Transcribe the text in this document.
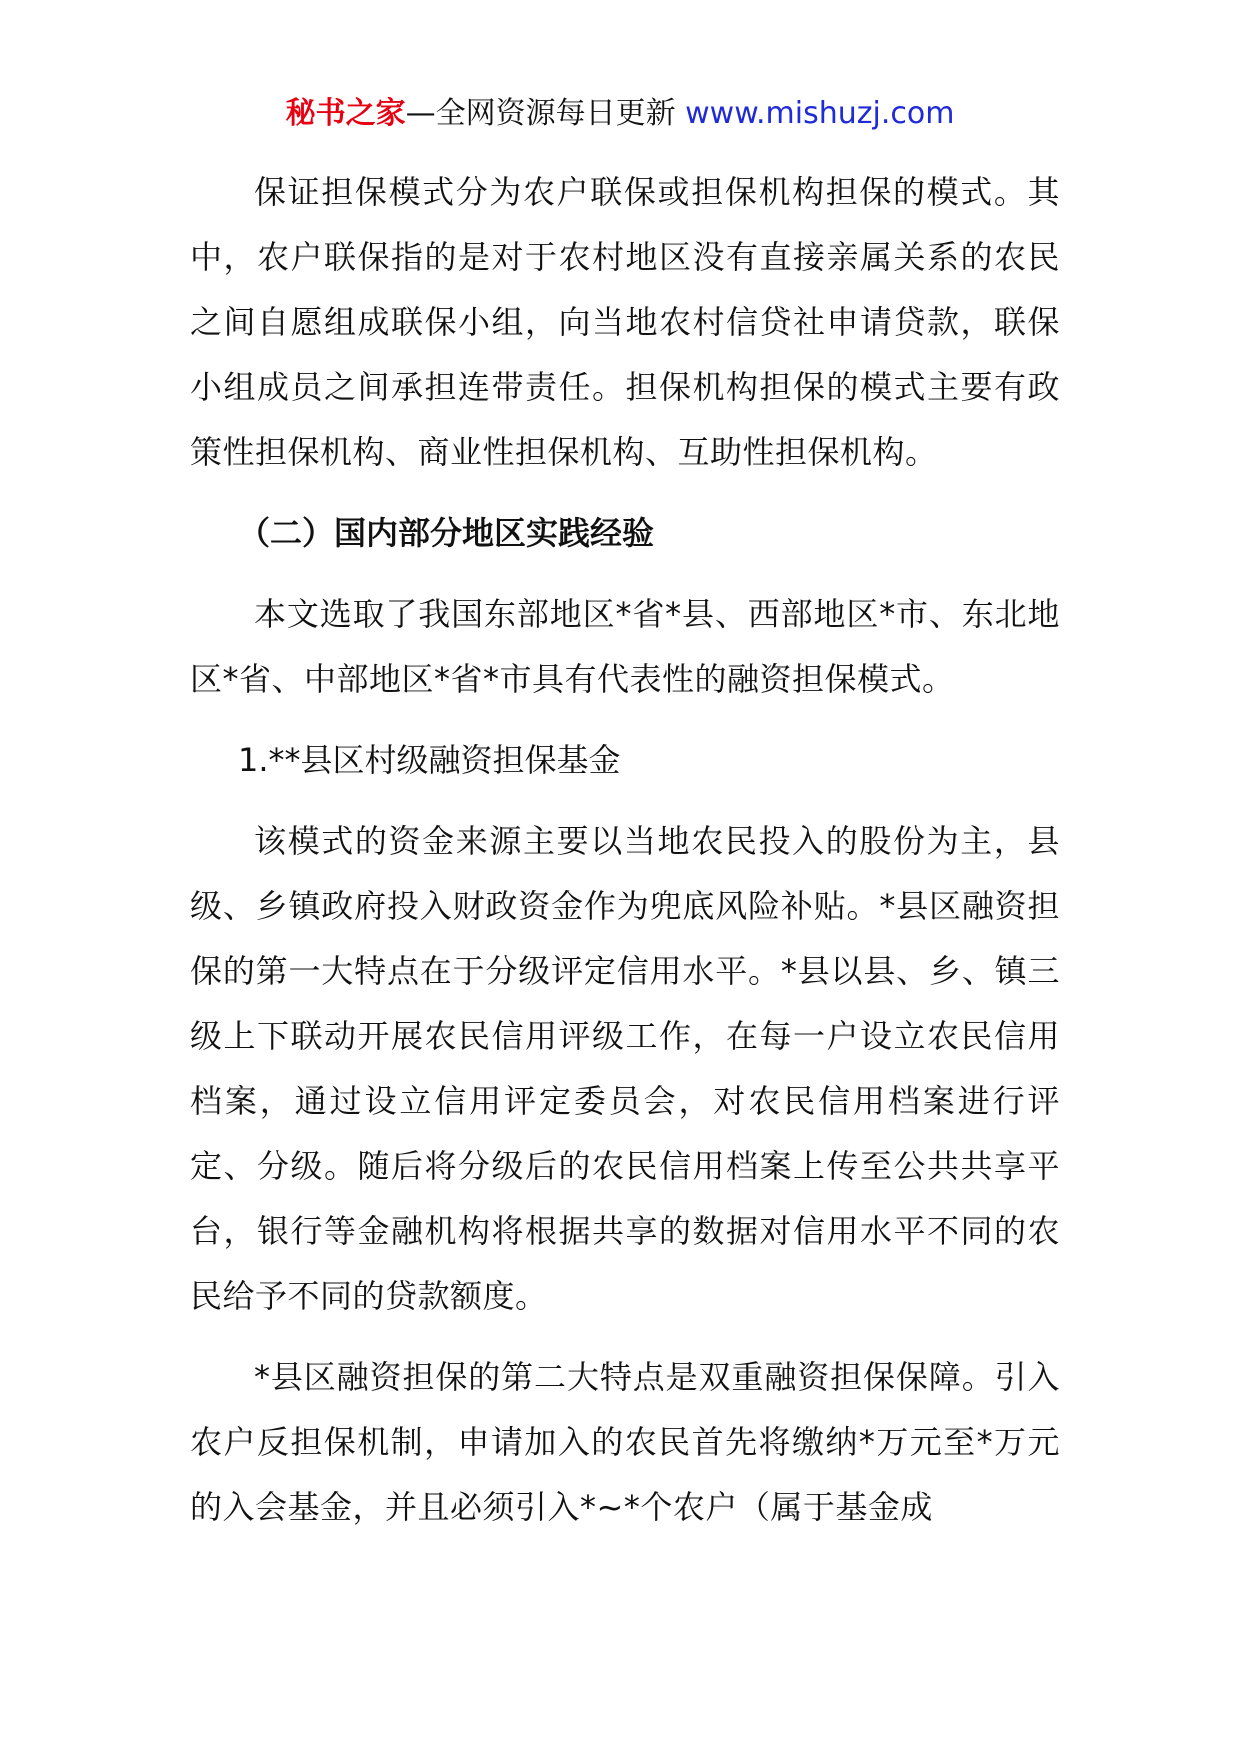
秘书之家—全网资源每日更新 www.mishuzj.com

保证担保模式分为农户联保或担保机构担保的模式。其中，农户联保指的是对于农村地区没有直接亲属关系的农民之间自愿组成联保小组，向当地农村信贷社申请贷款，联保小组成员之间承担连带责任。担保机构担保的模式主要有政策性担保机构、商业性担保机构、互助性担保机构。

（二）国内部分地区实践经验

本文选取了我国东部地区*省*县、西部地区*市、东北地区*省、中部地区*省*市具有代表性的融资担保模式。

1.**县区村级融资担保基金

该模式的资金来源主要以当地农民投入的股份为主，县级、乡镇政府投入财政资金作为兜底风险补贴。*县区融资担保的第一大特点在于分级评定信用水平。*县以县、乡、镇三级上下联动开展农民信用评级工作，在每一户设立农民信用档案，通过设立信用评定委员会，对农民信用档案进行评定、分级。随后将分级后的农民信用档案上传至公共共享平台，银行等金融机构将根据共享的数据对信用水平不同的农民给予不同的贷款额度。

*县区融资担保的第二大特点是双重融资担保保障。引入农户反担保机制，申请加入的农民首先将缴纳*万元至*万元的入会基金，并且必须引入*~*个农户（属于基金成
